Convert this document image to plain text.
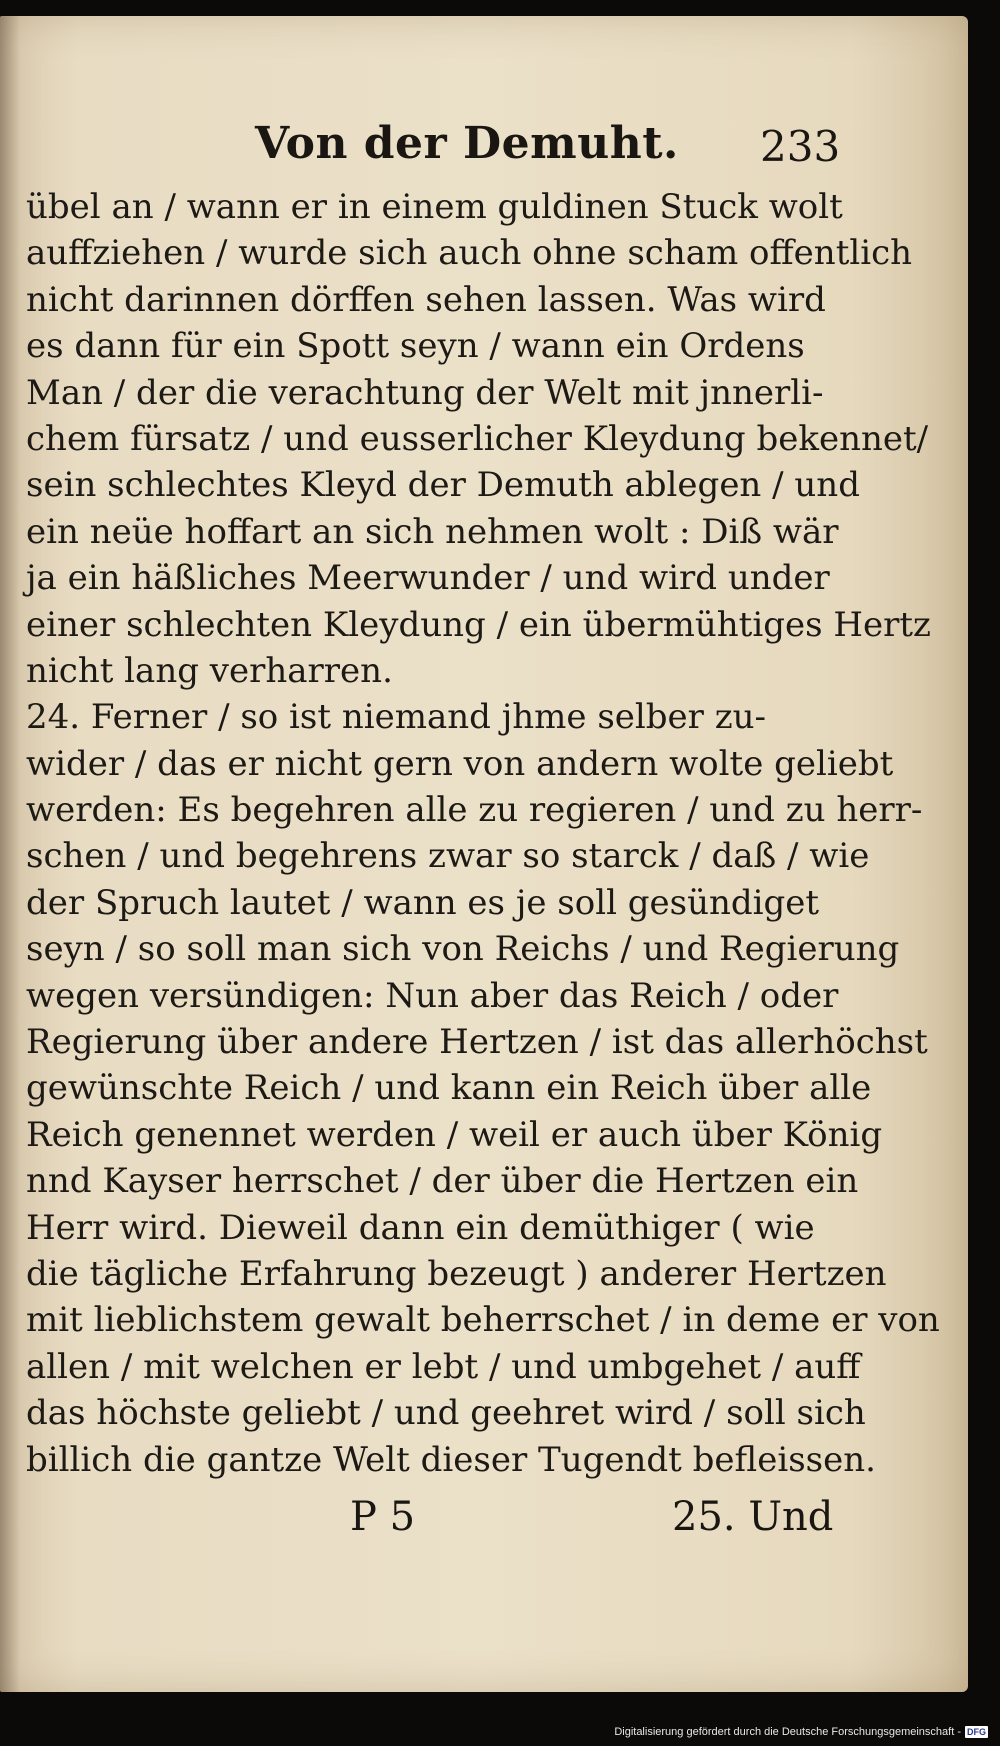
Von der Demuht. 233
übel an / wann er in einem guldinen Stuck wolt
auffziehen / wurde sich auch ohne scham offentlich
nicht darinnen dörffen sehen lassen. Was wird
es dann für ein Spott seyn / wann ein Ordens
Man / der die verachtung der Welt mit jnnerli-
chem fürsatz / und eusserlicher Kleydung bekennet/
sein schlechtes Kleyd der Demuth ablegen / und
ein neüe hoffart an sich nehmen wolt : Diß wär
ja ein häßliches Meerwunder / und wird under
einer schlechten Kleydung / ein übermühtiges Hertz
nicht lang verharren.
24. Ferner / so ist niemand jhme selber zu-
wider / das er nicht gern von andern wolte geliebt
werden: Es begehren alle zu regieren / und zu herr-
schen / und begehrens zwar so starck / daß / wie
der Spruch lautet / wann es je soll gesündiget
seyn / so soll man sich von Reichs / und Regierung
wegen versündigen: Nun aber das Reich / oder
Regierung über andere Hertzen / ist das allerhöchst
gewünschte Reich / und kann ein Reich über alle
Reich genennet werden / weil er auch über König
nnd Kayser herrschet / der über die Hertzen ein
Herr wird. Dieweil dann ein demüthiger ( wie
die tägliche Erfahrung bezeugt ) anderer Hertzen
mit lieblichstem gewalt beherrschet / in deme er von
allen / mit welchen er lebt / und umbgehet / auff
das höchste geliebt / und geehret wird / soll sich
billich die gantze Welt dieser Tugendt befleissen.
P 5	25. Und
Digitalisierung gefördert durch die Deutsche Forschungsgemeinschaft - DFG
